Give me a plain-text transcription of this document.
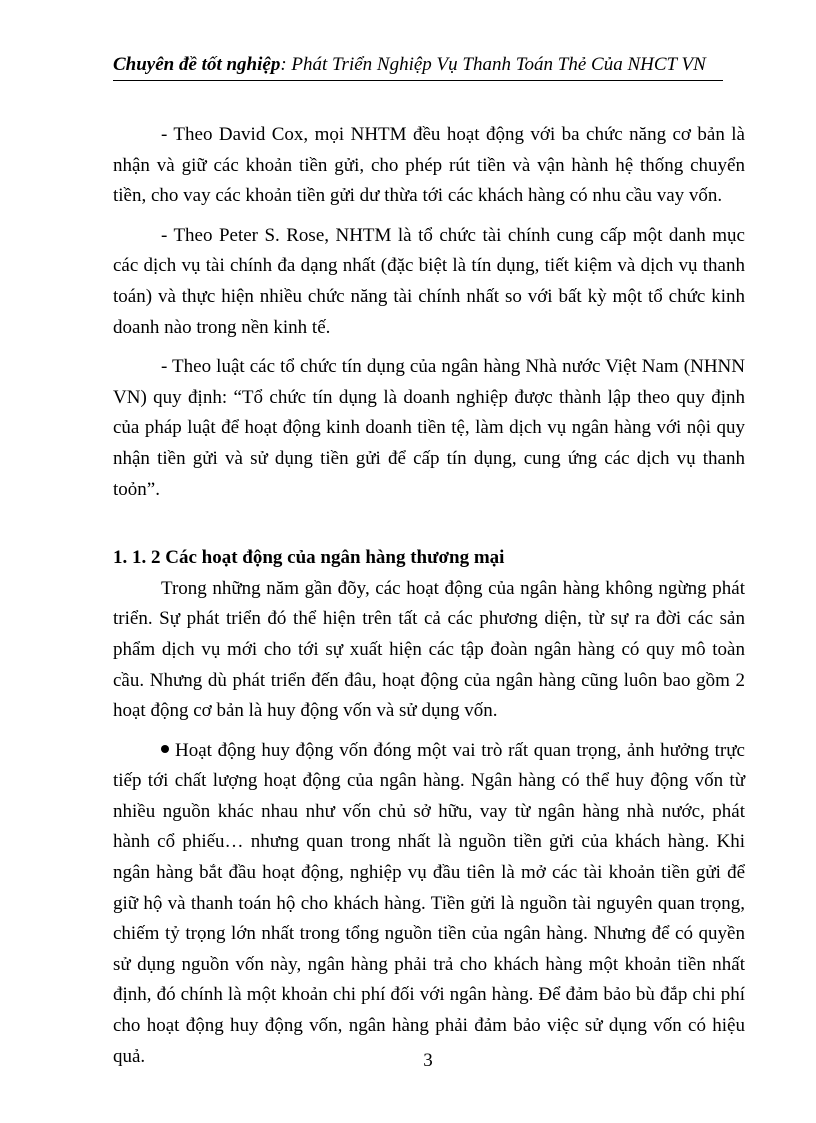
Chuyên đề tốt nghiệp: Phát Triển Nghiệp Vụ Thanh Toán Thẻ Của NHCT VN

- Theo David Cox, mọi NHTM đều hoạt động với ba chức năng cơ bản là nhận và giữ các khoản tiền gửi, cho phép rút tiền và vận hành hệ thống chuyển tiền, cho vay các khoản tiền gửi dư thừa tới các khách hàng có nhu cầu vay vốn.

- Theo Peter S. Rose, NHTM là tổ chức tài chính cung cấp một danh mục các dịch vụ tài chính đa dạng nhất (đặc biệt là tín dụng, tiết kiệm và dịch vụ thanh toán) và thực hiện nhiều chức năng tài chính nhất so với bất kỳ một tổ chức kinh doanh nào trong nền kinh tế.

- Theo luật các tổ chức tín dụng của ngân hàng Nhà nước Việt Nam (NHNN VN) quy định: “Tổ chức tín dụng là doanh nghiệp được thành lập theo quy định của pháp luật để hoạt động kinh doanh tiền tệ, làm dịch vụ ngân hàng với nội quy nhận tiền gửi và sử dụng tiền gửi để cấp tín dụng, cung ứng các dịch vụ thanh toỏn”.

1. 1. 2 Các hoạt động của ngân hàng thương mại

Trong những năm gần đõy, các hoạt động của ngân hàng không ngừng phát triển. Sự phát triển đó thể hiện trên tất cả các phương diện, từ sự ra đời các sản phẩm dịch vụ mới cho tới sự xuất hiện các tập đoàn ngân hàng có quy mô toàn cầu. Nhưng dù phát triển đến đâu, hoạt động của ngân hàng cũng luôn bao gồm 2 hoạt động cơ bản là huy động vốn và sử dụng vốn.

Hoạt động huy động vốn đóng một vai trò rất quan trọng, ảnh hưởng trực tiếp tới chất lượng hoạt động của ngân hàng. Ngân hàng có thể huy động vốn từ nhiều nguồn khác nhau như vốn chủ sở hữu, vay từ ngân hàng nhà nước, phát hành cổ phiếu… nhưng quan trong nhất là nguồn tiền gửi của khách hàng. Khi ngân hàng bắt đầu hoạt động, nghiệp vụ đầu tiên là mở các tài khoản tiền gửi để giữ hộ và thanh toán hộ cho khách hàng. Tiền gửi là nguồn tài nguyên quan trọng, chiếm tỷ trọng lớn nhất trong tổng nguồn tiền của ngân hàng. Nhưng để có quyền sử dụng nguồn vốn này, ngân hàng phải trả cho khách hàng một khoản tiền nhất định, đó chính là một khoản chi phí đối với ngân hàng. Để đảm bảo bù đắp chi phí cho hoạt động huy động vốn, ngân hàng phải đảm bảo việc sử dụng vốn có hiệu quả.	3
